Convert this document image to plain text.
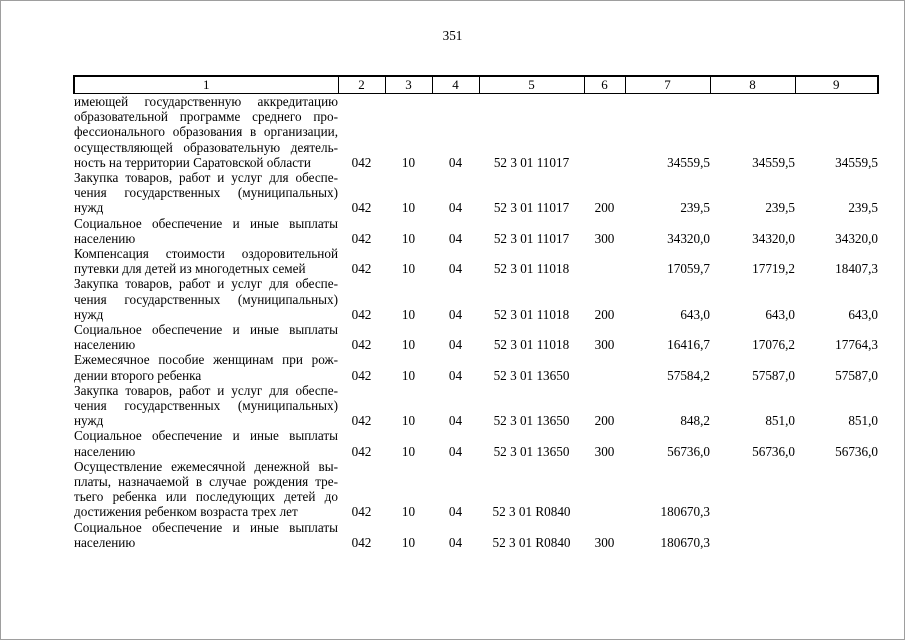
351
1	2	3	4	5	6	7	8	9

имеющей государственную аккредитацию
образовательной программе среднего про-
фессионального образования в организации,
осуществляющей образовательную деятель-
ность на территории Саратовской области	042	10	04	52 3 01 11017		34559,5	34559,5	34559,5

Закупка товаров, работ и услуг для обеспе-
чения государственных (муниципальных)
нужд	042	10	04	52 3 01 11017	200	239,5	239,5	239,5

Социальное обеспечение и иные выплаты
населению	042	10	04	52 3 01 11017	300	34320,0	34320,0	34320,0

Компенсация стоимости оздоровительной
путевки для детей из многодетных семей	042	10	04	52 3 01 11018		17059,7	17719,2	18407,3

Закупка товаров, работ и услуг для обеспе-
чения государственных (муниципальных)
нужд	042	10	04	52 3 01 11018	200	643,0	643,0	643,0

Социальное обеспечение и иные выплаты
населению	042	10	04	52 3 01 11018	300	16416,7	17076,2	17764,3

Ежемесячное пособие женщинам при рож-
дении второго ребенка	042	10	04	52 3 01 13650		57584,2	57587,0	57587,0

Закупка товаров, работ и услуг для обеспе-
чения государственных (муниципальных)
нужд	042	10	04	52 3 01 13650	200	848,2	851,0	851,0

Социальное обеспечение и иные выплаты
населению	042	10	04	52 3 01 13650	300	56736,0	56736,0	56736,0

Осуществление ежемесячной денежной вы-
платы, назначаемой в случае рождения тре-
тьего ребенка или последующих детей до
достижения ребенком возраста трех лет	042	10	04	52 3 01 R0840		180670,3		

Социальное обеспечение и иные выплаты
населению	042	10	04	52 3 01 R0840	300	180670,3		
